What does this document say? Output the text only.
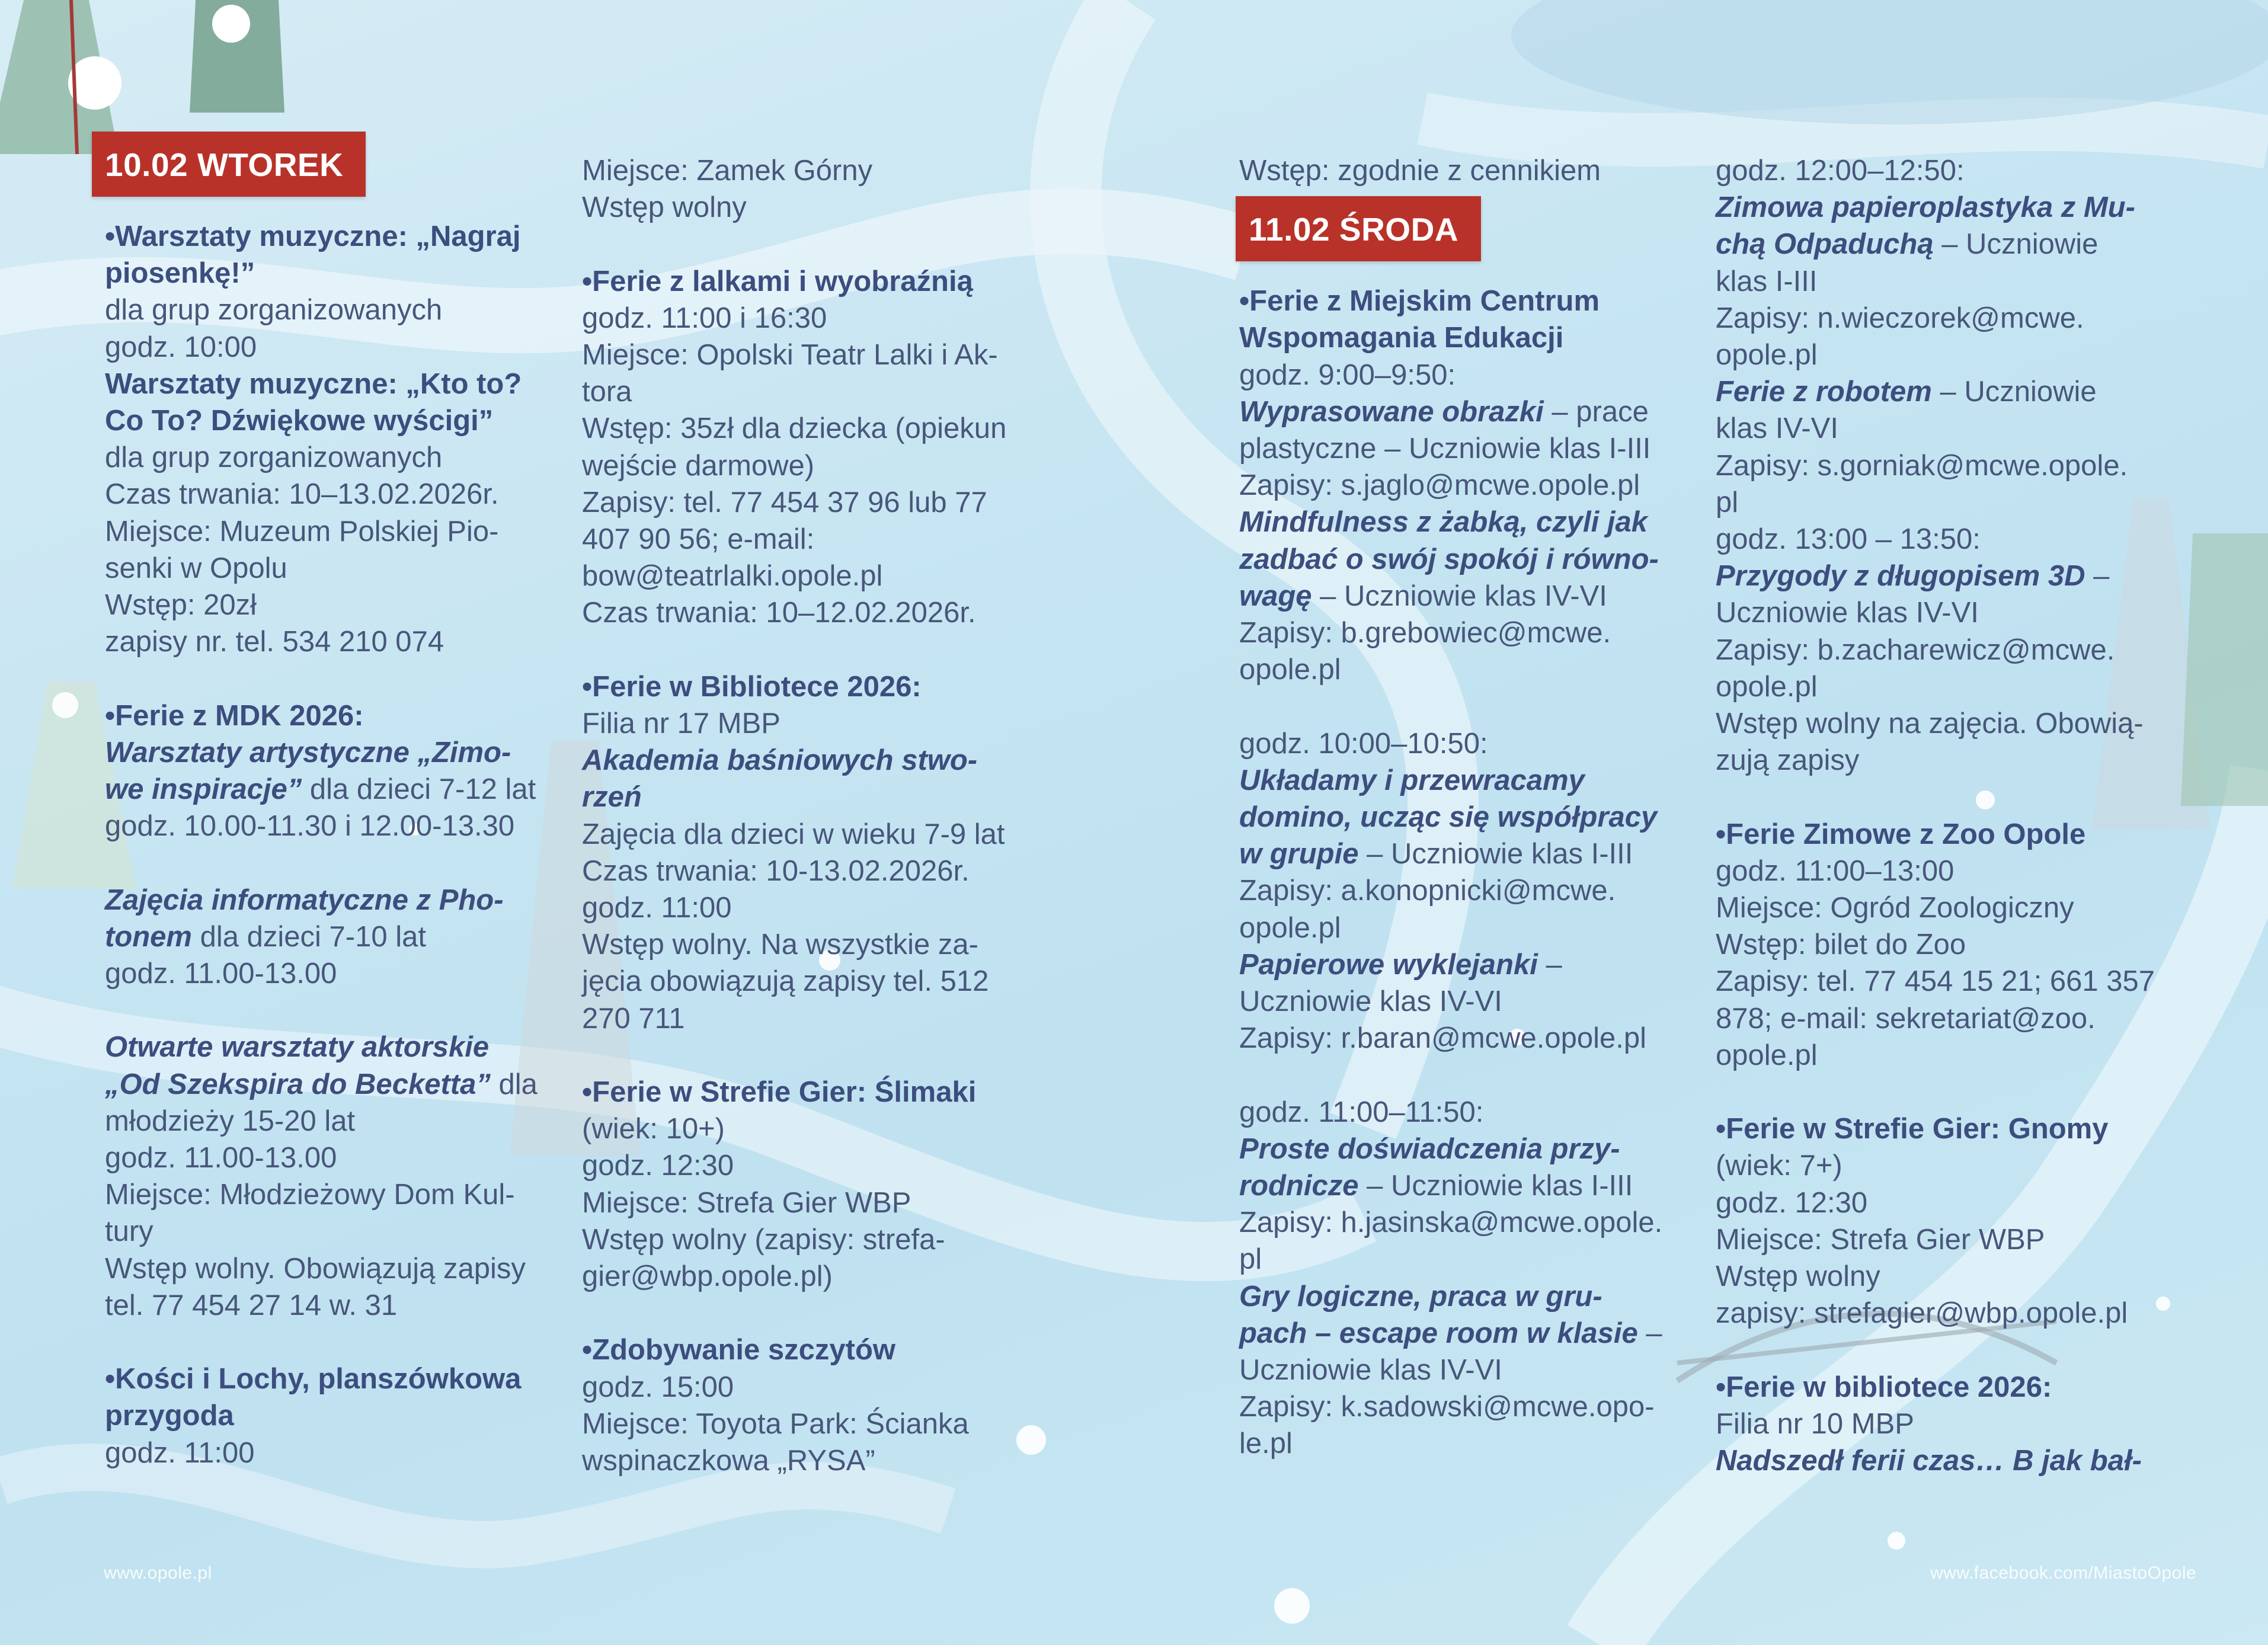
10.02 WTOREK
•Warsztaty muzyczne: „Nagraj
piosenkę!”
dla grup zorganizowanych
godz. 10:00
Warsztaty muzyczne: „Kto to?
Co To? Dźwiękowe wyścigi”
dla grup zorganizowanych
Czas trwania: 10–13.02.2026r.
Miejsce: Muzeum Polskiej Pio-
senki w Opolu
Wstęp: 20zł
zapisy nr. tel. 534 210 074
•Ferie z MDK 2026:
Warsztaty artystyczne „Zimo-
we inspiracje” dla dzieci 7-12 lat
godz. 10.00-11.30 i 12.00-13.30
Zajęcia informatyczne z Pho-
tonem dla dzieci 7-10 lat
godz. 11.00-13.00
Otwarte warsztaty aktorskie
„Od Szekspira do Becketta” dla
młodzieży 15-20 lat
godz. 11.00-13.00
Miejsce: Młodzieżowy Dom Kul-
tury
Wstęp wolny. Obowiązują zapisy
tel. 77 454 27 14 w. 31
•Kości i Lochy, planszówkowa
przygoda
godz. 11:00
Miejsce: Zamek Górny
Wstęp wolny
•Ferie z lalkami i wyobraźnią
godz. 11:00 i 16:30
Miejsce: Opolski Teatr Lalki i Ak-
tora
Wstęp: 35zł dla dziecka (opiekun
wejście darmowe)
Zapisy: tel. 77 454 37 96 lub 77
407 90 56; e-mail:
bow@teatrlalki.opole.pl
Czas trwania: 10–12.02.2026r.
•Ferie w Bibliotece 2026:
Filia nr 17 MBP
Akademia baśniowych stwo-
rzeń
Zajęcia dla dzieci w wieku 7-9 lat
Czas trwania: 10-13.02.2026r.
godz. 11:00
Wstęp wolny. Na wszystkie za-
jęcia obowiązują zapisy tel. 512
270 711
•Ferie w Strefie Gier: Ślimaki
(wiek: 10+)
godz. 12:30
Miejsce: Strefa Gier WBP
Wstęp wolny (zapisy: strefa-
gier@wbp.opole.pl)
•Zdobywanie szczytów
godz. 15:00
Miejsce: Toyota Park: Ścianka
wspinaczkowa „RYSA”
Wstęp: zgodnie z cennikiem
11.02 ŚRODA
•Ferie z Miejskim Centrum
Wspomagania Edukacji
godz. 9:00–9:50:
Wyprasowane obrazki – prace
plastyczne – Uczniowie klas I-III
Zapisy: s.jaglo@mcwe.opole.pl
Mindfulness z żabką, czyli jak
zadbać o swój spokój i równo-
wagę – Uczniowie klas IV-VI
Zapisy: b.grebowiec@mcwe.
opole.pl
godz. 10:00–10:50:
Układamy i przewracamy
domino, ucząc się współpracy
w grupie – Uczniowie klas I-III
Zapisy: a.konopnicki@mcwe.
opole.pl
Papierowe wyklejanki –
Uczniowie klas IV-VI
Zapisy: r.baran@mcwe.opole.pl
godz. 11:00–11:50:
Proste doświadczenia przy-
rodnicze – Uczniowie klas I-III
Zapisy: h.jasinska@mcwe.opole.
pl
Gry logiczne, praca w gru-
pach – escape room w klasie –
Uczniowie klas IV-VI
Zapisy: k.sadowski@mcwe.opo-
le.pl
godz. 12:00–12:50:
Zimowa papieroplastyka z Mu-
chą Odpaduchą – Uczniowie
klas I-III
Zapisy: n.wieczorek@mcwe.
opole.pl
Ferie z robotem – Uczniowie
klas IV-VI
Zapisy: s.gorniak@mcwe.opole.
pl
godz. 13:00 – 13:50:
Przygody z długopisem 3D –
Uczniowie klas IV-VI
Zapisy: b.zacharewicz@mcwe.
opole.pl
Wstęp wolny na zajęcia. Obowią-
zują zapisy
•Ferie Zimowe z Zoo Opole
godz. 11:00–13:00
Miejsce: Ogród Zoologiczny
Wstęp: bilet do Zoo
Zapisy: tel. 77 454 15 21; 661 357
878; e-mail: sekretariat@zoo.
opole.pl
•Ferie w Strefie Gier: Gnomy
(wiek: 7+)
godz. 12:30
Miejsce: Strefa Gier WBP
Wstęp wolny
zapisy: strefagier@wbp.opole.pl
•Ferie w bibliotece 2026:
Filia nr 10 MBP
Nadszedł ferii czas… B jak bał-
www.opole.pl	www.facebook.com/MiastoOpole
